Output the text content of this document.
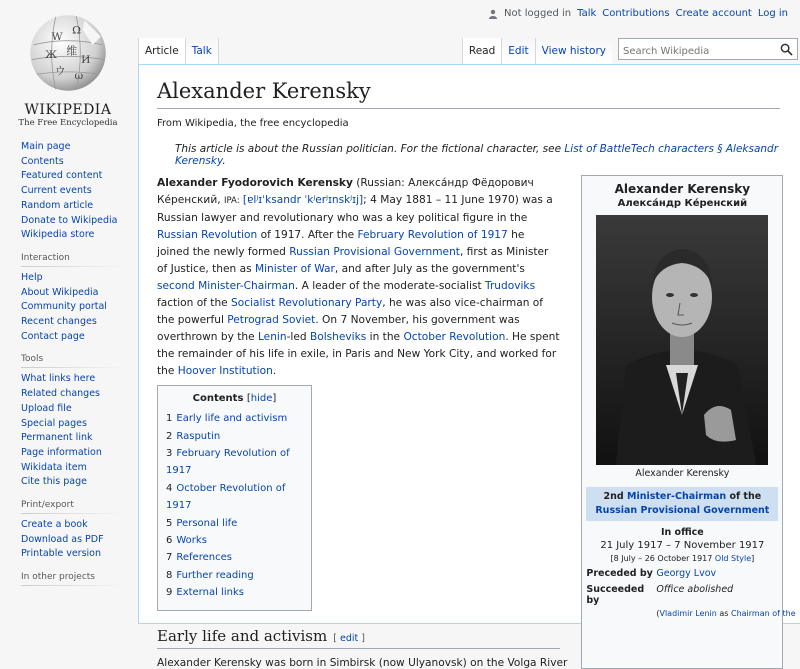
Not logged in Talk Contributions Create account Log in
W
Ω
Ж 维
И
ウ ω
WIKIPEDIA
The Free Encyclopedia
Main page
Contents
Featured content
Current events
Random article
Donate to Wikipedia
Wikipedia store
Interaction
Help
About Wikipedia
Community portal
Recent changes
Contact page
Tools
What links here
Related changes
Upload file
Special pages
Permanent link
Page information
Wikidata item
Cite this page
Print/export
Create a book
Download as PDF
Printable version
In other projects
Article	Talk	Read	Edit	View history
Search Wikipedia
Alexander Kerensky
From Wikipedia, the free encyclopedia
This article is about the Russian politician. For the fictional character, see List of BattleTech characters § Aleksandr Kerensky.
Alexander Fyodorovich Kerensky (Russian: Алекса́ндр Фёдорович Ке́ренский, IPA: [ɐlʲɪˈksandr ˈkʲerʲɪnskʲɪj]; 4 May 1881 – 11 June 1970) was a Russian lawyer and revolutionary who was a key political figure in the Russian Revolution of 1917. After the February Revolution of 1917 he joined the newly formed Russian Provisional Government, first as Minister of Justice, then as Minister of War, and after July as the government's second Minister-Chairman. A leader of the moderate-socialist Trudoviks faction of the Socialist Revolutionary Party, he was also vice-chairman of the powerful Petrograd Soviet. On 7 November, his government was overthrown by the Lenin-led Bolsheviks in the October Revolution. He spent the remainder of his life in exile, in Paris and New York City, and worked for the Hoover Institution.
Contents [hide]
1 Early life and activism
2 Rasputin
3 February Revolution of 1917
4 October Revolution of 1917
5 Personal life
6 Works
7 References
8 Further reading
9 External links
Early life and activism [ edit ]
Alexander Kerensky was born in Simbirsk (now Ulyanovsk) on the Volga River
Alexander Kerensky
Алекса́ндр Ке́ренский
Alexander Kerensky
2nd Minister-Chairman of the Russian Provisional Government
In office
21 July 1917 – 7 November 1917
[8 July – 26 October 1917 Old Style]
Preceded by Georgy Lvov
Succeeded by
Office abolished
(Vladimir Lenin as Chairman of the
